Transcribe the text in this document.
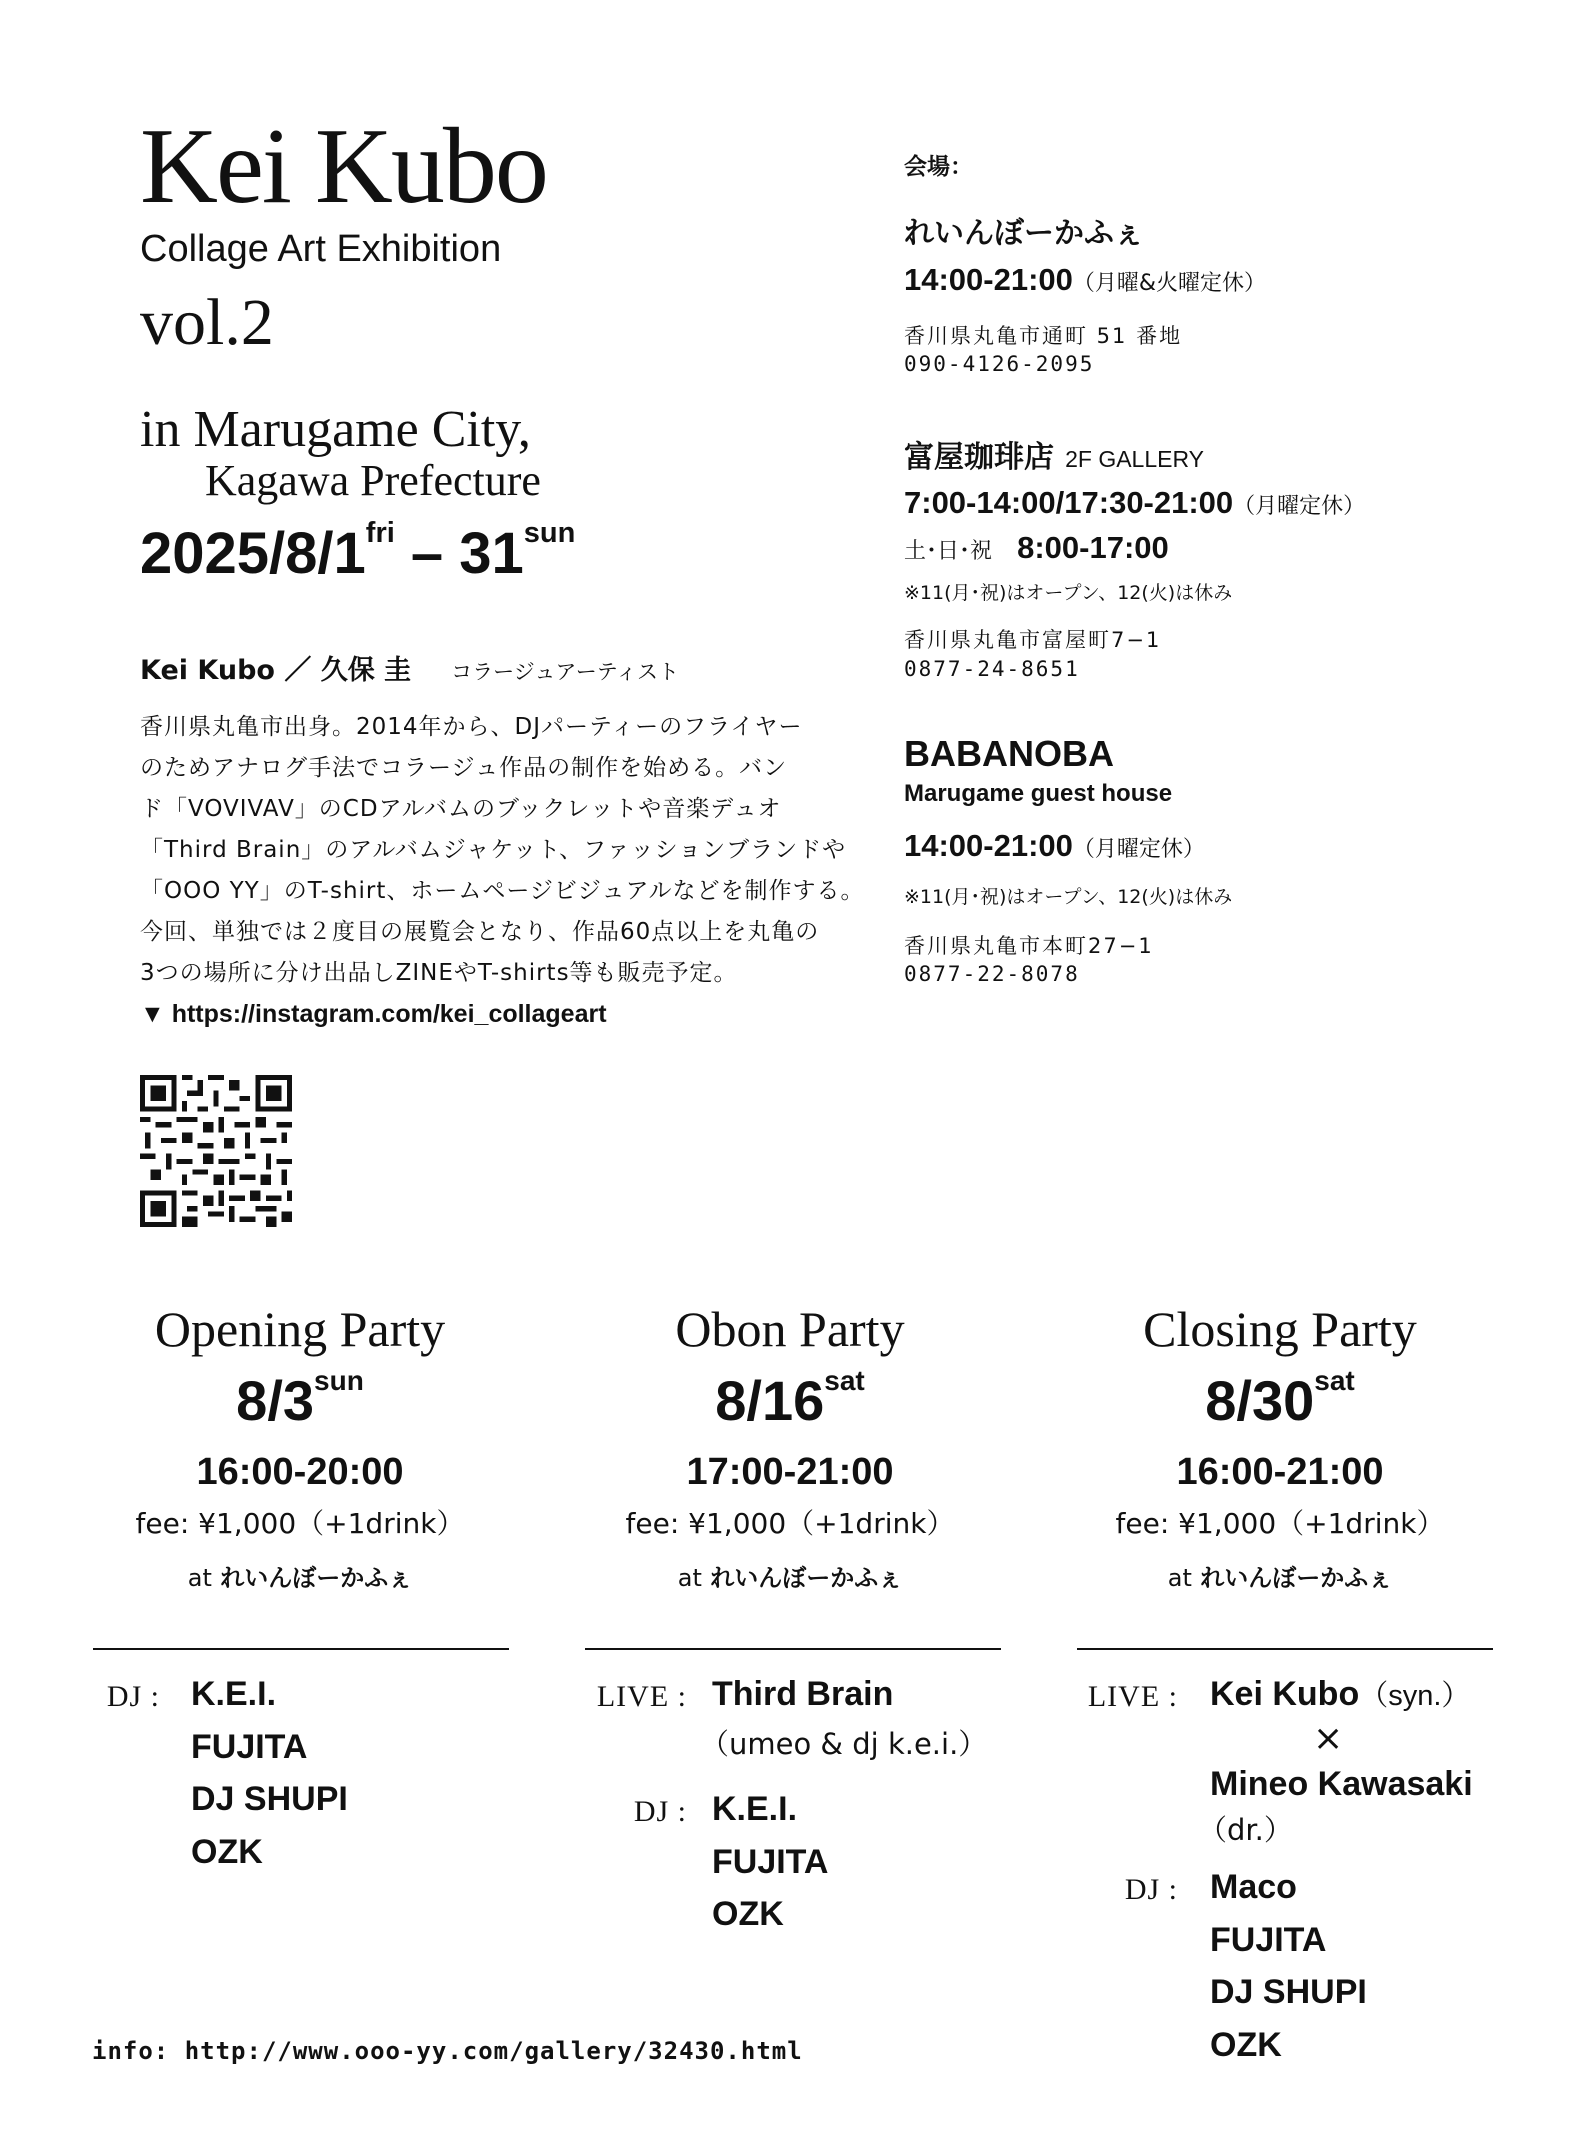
Kei Kubo
Collage Art Exhibition
vol.2
in Marugame City,
Kagawa Prefecture
$2025/8/1^{fri} - 31^{sun}$
Kei Kubo ／ 久保 圭 コラージュアーティスト
香川県丸亀市出身。2014年から、DJパーティーのフライヤー
のためアナログ手法でコラージュ作品の制作を始める。バン
ド「VOVIVAV」のCDアルバムのブックレットや音楽デュオ
「Third Brain」のアルバムジャケット、ファッションブランドや
「OOO YY」のT-shirt、ホームページビジュアルなどを制作する。
今回、単独では２度目の展覧会となり、作品60点以上を丸亀の
3つの場所に分け出品しZINEやT-shirts等も販売予定。
▼ https://instagram.com/kei_collageart
会場：
れいんぼーかふぇ
14:00-21:00（月曜&火曜定休）
香川県丸亀市通町 51 番地
090-4126-2095
富屋珈琲店 2F GALLERY
7:00-14:00/17:30-21:00（月曜定休）
土･日･祝 8:00-17:00
※11(月･祝)はオープン、12(火)は休み
香川県丸亀市富屋町7−1
0877-24-8651
BABANOBA
Marugame guest house
14:00-21:00（月曜定休）
※11(月･祝)はオープン、12(火)は休み
香川県丸亀市本町27−1
0877-22-8078
Opening Party
$8/3^{sun}$
16:00-20:00
fee: ¥1,000（+1drink）
at れいんぼーかふぇ
Obon Party
$8/16^{sat}$
17:00-21:00
fee: ¥1,000（+1drink）
at れいんぼーかふぇ
Closing Party
$8/30^{sat}$
16:00-21:00
fee: ¥1,000（+1drink）
at れいんぼーかふぇ
DJ : K.E.I.
FUJITA
DJ SHUPI
OZK
LIVE : Third Brain
（umeo & dj k.e.i.）
DJ : K.E.I.
FUJITA
OZK
LIVE : Kei Kubo（syn.）
×
Mineo Kawasaki
（dr.）
DJ : Maco
FUJITA
DJ SHUPI
OZK
info: http://www.ooo-yy.com/gallery/32430.html
